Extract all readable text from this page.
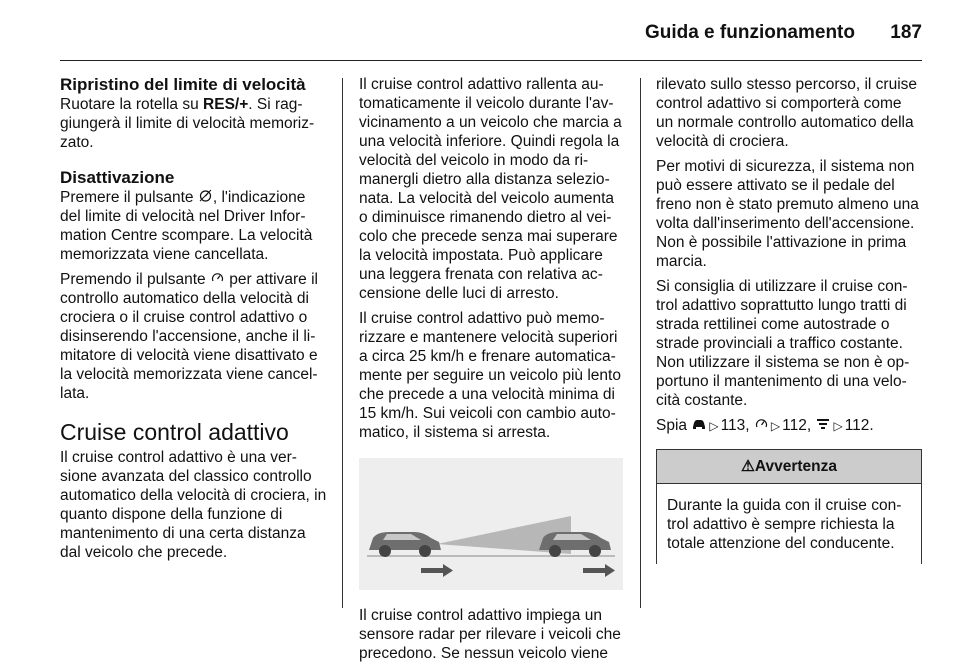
Guida e funzionamento 187
Ripristino del limite di velocità
Ruotare la rotella su RES/+. Si raggiungerà il limite di velocità memorizzato.
Disattivazione
Premere il pulsante , l'indicazione del limite di velocità nel Driver Information Centre scompare. La velocità memorizzata viene cancellata.
Premendo il pulsante  per attivare il controllo automatico della velocità di crociera o il cruise control adattivo o disinserendo l'accensione, anche il limitatore di velocità viene disattivato e la velocità memorizzata viene cancellata.
Cruise control adattivo
Il cruise control adattivo è una versione avanzata del classico controllo automatico della velocità di crociera, in quanto dispone della funzione di mantenimento di una certa distanza dal veicolo che precede.
Il cruise control adattivo rallenta automaticamente il veicolo durante l'avvicinamento a un veicolo che marcia a una velocità inferiore. Quindi regola la velocità del veicolo in modo da rimanergli dietro alla distanza selezionata. La velocità del veicolo aumenta o diminuisce rimanendo dietro al veicolo che precede senza mai superare la velocità impostata. Può applicare una leggera frenata con relativa accensione delle luci di arresto.
Il cruise control adattivo può memorizzare e mantenere velocità superiori a circa 25 km/h e frenare automaticamente per seguire un veicolo più lento che precede a una velocità minima di 15 km/h. Sui veicoli con cambio automatico, il sistema si arresta.
Il cruise control adattivo impiega un sensore radar per rilevare i veicoli che precedono. Se nessun veicolo viene
rilevato sullo stesso percorso, il cruise control adattivo si comporterà come un normale controllo automatico della velocità di crociera.
Per motivi di sicurezza, il sistema non può essere attivato se il pedale del freno non è stato premuto almeno una volta dall'inserimento dell'accensione. Non è possibile l'attivazione in prima marcia.
Si consiglia di utilizzare il cruise control adattivo soprattutto lungo tratti di strada rettilinei come autostrade o strade provinciali a traffico costante. Non utilizzare il sistema se non è opportuno il mantenimento di una velocità costante.
Spia ▷ 113, ▷ 112, ▷ 112.
⚠Avvertenza
Durante la guida con il cruise control adattivo è sempre richiesta la totale attenzione del conducente.
